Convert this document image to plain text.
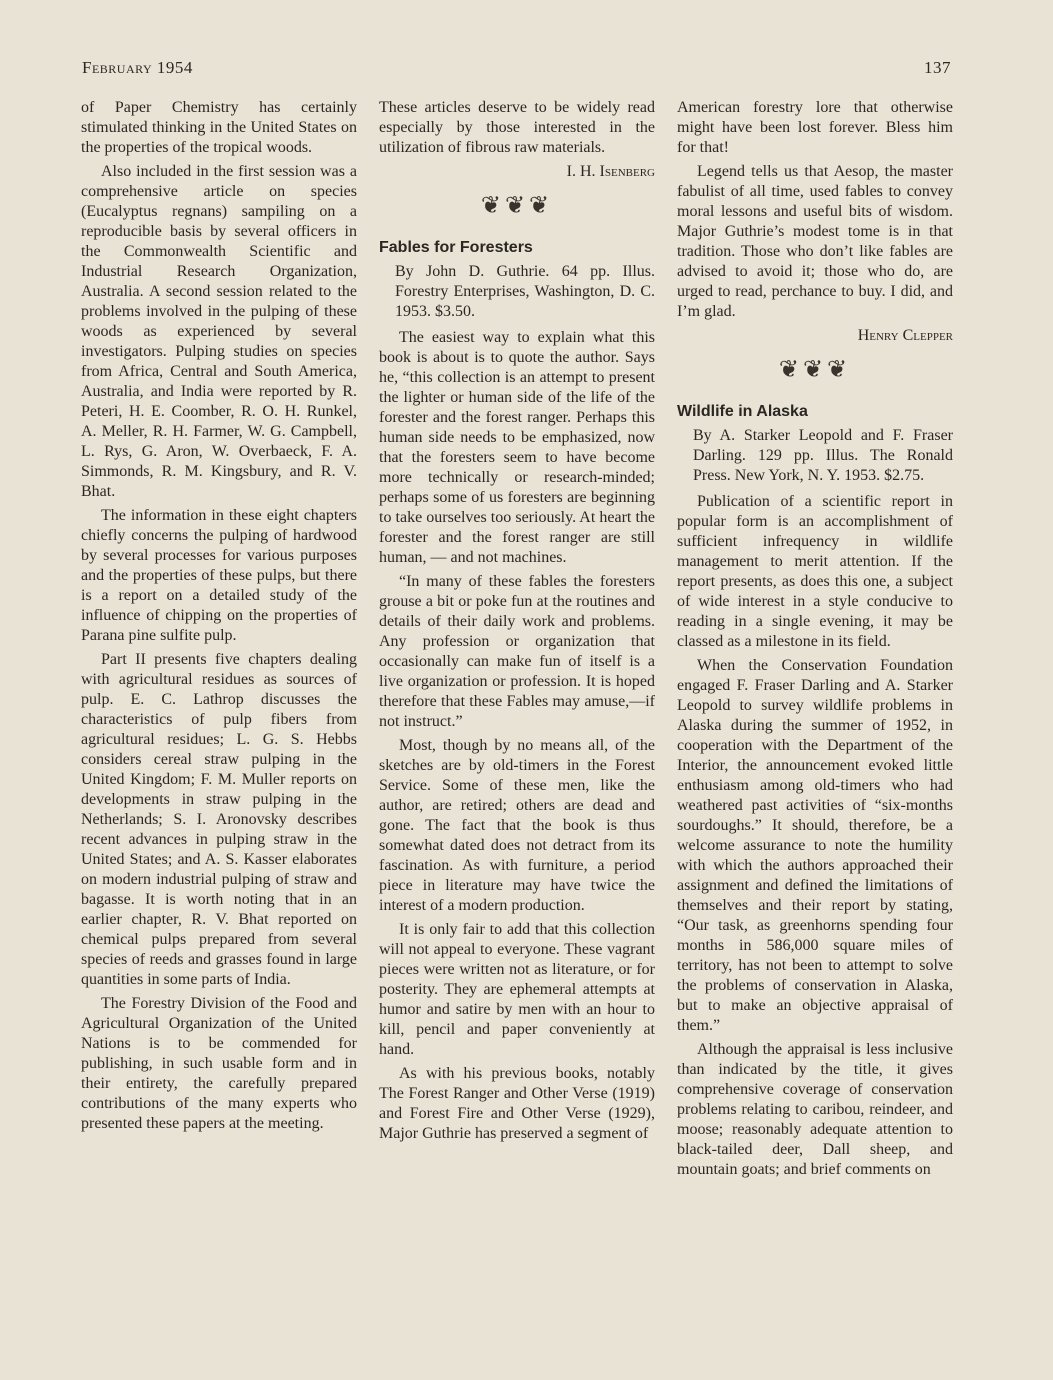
February 1954	137

of Paper Chemistry has certainly stimulated thinking in the United States on the properties of the tropical woods.

Also included in the first session was a comprehensive article on species (Eucalyptus regnans) sampiling on a reproducible basis by several officers in the Commonwealth Scientific and Industrial Research Organization, Australia. A second session related to the problems involved in the pulping of these woods as experienced by several investigators. Pulping studies on species from Africa, Central and South America, Australia, and India were reported by R. Peteri, H. E. Coomber, R. O. H. Runkel, A. Meller, R. H. Farmer, W. G. Campbell, L. Rys, G. Aron, W. Overbaeck, F. A. Simmonds, R. M. Kingsbury, and R. V. Bhat.

The information in these eight chapters chiefly concerns the pulping of hardwood by several processes for various purposes and the properties of these pulps, but there is a report on a detailed study of the influence of chipping on the properties of Parana pine sulfite pulp.

Part II presents five chapters dealing with agricultural residues as sources of pulp. E. C. Lathrop discusses the characteristics of pulp fibers from agricultural residues; L. G. S. Hebbs considers cereal straw pulping in the United Kingdom; F. M. Muller reports on developments in straw pulping in the Netherlands; S. I. Aronovsky describes recent advances in pulping straw in the United States; and A. S. Kasser elaborates on modern industrial pulping of straw and bagasse. It is worth noting that in an earlier chapter, R. V. Bhat reported on chemical pulps prepared from several species of reeds and grasses found in large quantities in some parts of India.

The Forestry Division of the Food and Agricultural Organization of the United Nations is to be commended for publishing, in such usable form and in their entirety, the carefully prepared contributions of the many experts who presented these papers at the meeting.

These articles deserve to be widely read especially by those interested in the utilization of fibrous raw materials.

I. H. Isenberg
❦❦❦
Fables for Foresters
By John D. Guthrie. 64 pp. Illus. Forestry Enterprises, Washington, D. C. 1953. $3.50.

The easiest way to explain what this book is about is to quote the author. Says he, “this collection is an attempt to present the lighter or human side of the life of the forester and the forest ranger. Perhaps this human side needs to be emphasized, now that the foresters seem to have become more technically or research-minded; perhaps some of us foresters are beginning to take ourselves too seriously. At heart the forester and the forest ranger are still human, — and not machines.

“In many of these fables the foresters grouse a bit or poke fun at the routines and details of their daily work and problems. Any profession or organization that occasionally can make fun of itself is a live organization or profession. It is hoped therefore that these Fables may amuse,—if not instruct.”

Most, though by no means all, of the sketches are by old-timers in the Forest Service. Some of these men, like the author, are retired; others are dead and gone. The fact that the book is thus somewhat dated does not detract from its fascination. As with furniture, a period piece in literature may have twice the interest of a modern production.

It is only fair to add that this collection will not appeal to everyone. These vagrant pieces were written not as literature, or for posterity. They are ephemeral attempts at humor and satire by men with an hour to kill, pencil and paper conveniently at hand.

As with his previous books, notably The Forest Ranger and Other Verse (1919) and Forest Fire and Other Verse (1929), Major Guthrie has preserved a segment of

American forestry lore that otherwise might have been lost forever. Bless him for that!

Legend tells us that Aesop, the master fabulist of all time, used fables to convey moral lessons and useful bits of wisdom. Major Guthrie’s modest tome is in that tradition. Those who don’t like fables are advised to avoid it; those who do, are urged to read, perchance to buy. I did, and I’m glad.

Henry Clepper
❦❦❦
Wildlife in Alaska
By A. Starker Leopold and F. Fraser Darling. 129 pp. Illus. The Ronald Press. New York, N. Y. 1953. $2.75.

Publication of a scientific report in popular form is an accomplishment of sufficient infrequency in wildlife management to merit attention. If the report presents, as does this one, a subject of wide interest in a style conducive to reading in a single evening, it may be classed as a milestone in its field.

When the Conservation Foundation engaged F. Fraser Darling and A. Starker Leopold to survey wildlife problems in Alaska during the summer of 1952, in cooperation with the Department of the Interior, the announcement evoked little enthusiasm among old-timers who had weathered past activities of “six-months sourdoughs.” It should, therefore, be a welcome assurance to note the humility with which the authors approached their assignment and defined the limitations of themselves and their report by stating, “Our task, as greenhorns spending four months in 586,000 square miles of territory, has not been to attempt to solve the problems of conservation in Alaska, but to make an objective appraisal of them.”

Although the appraisal is less inclusive than indicated by the title, it gives comprehensive coverage of conservation problems relating to caribou, reindeer, and moose; reasonably adequate attention to black-tailed deer, Dall sheep, and mountain goats; and brief comments on
